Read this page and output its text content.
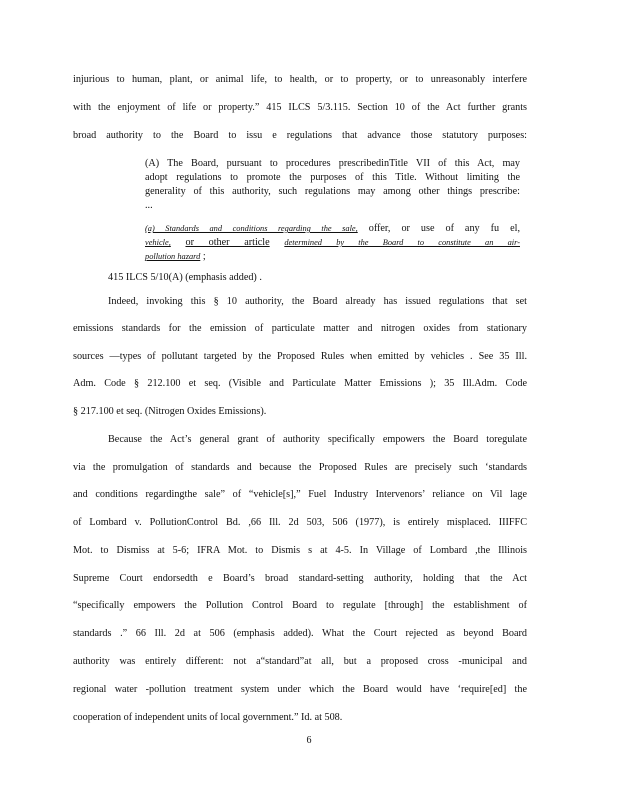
injurious to human, plant, or animal life, to health, or to property, or to unreasonably interfere
with the enjoyment of life or property.” 415 ILCS 5/3.115. Section 10 of the Act further grants
broad authority to the Board to issu e regulations that advance those statutory purposes:
(A) The Board, pursuant to procedures prescribedinTitle VII of this Act, may
adopt regulations to promote the purposes of this Title. Without limiting the
generality of this authority, such regulations may among other things prescribe:
...
(a) Standards and conditions regarding the sale, offer, or use of any fu el,
vehicle, or other article determined by the Board to constitute an air-
pollution hazard ;
415 ILCS 5/10(A) (emphasis added) .
Indeed, invoking this § 10 authority, the Board already has issued regulations that set
emissions standards for the emission of particulate matter and nitrogen oxides from stationary
sources —types of pollutant targeted by the Proposed Rules when emitted by vehicles . See 35 Ill.
Adm. Code § 212.100 et seq. (Visible and Particulate Matter Emissions ); 35 Ill.Adm. Code
§ 217.100 et seq. (Nitrogen Oxides Emissions).
Because the Act’s general grant of authority specifically empowers the Board toregulate
via the promulgation of standards and because the Proposed Rules are precisely such ‘standards
and conditions regardingthe sale” of “vehicle[s],” Fuel Industry Intervenors’ reliance on Vil lage
of Lombard v. PollutionControl Bd. ,66 Ill. 2d 503, 506 (1977), is entirely misplaced. IIIFFC
Mot. to Dismiss at 5-6; IFRA Mot. to Dismis s at 4-5. In Village of Lombard ,the Illinois
Supreme Court endorsedth e Board’s broad standard-setting authority, holding that the Act
“specifically empowers the Pollution Control Board to regulate [through] the establishment of
standards .” 66 Ill. 2d at 506 (emphasis added). What the Court rejected as beyond Board
authority was entirely different: not a“standard”at all, but a proposed cross -municipal and
regional water -pollution treatment system under which the Board would have ‘require[ed] the
cooperation of independent units of local government.” Id. at 508.
6
